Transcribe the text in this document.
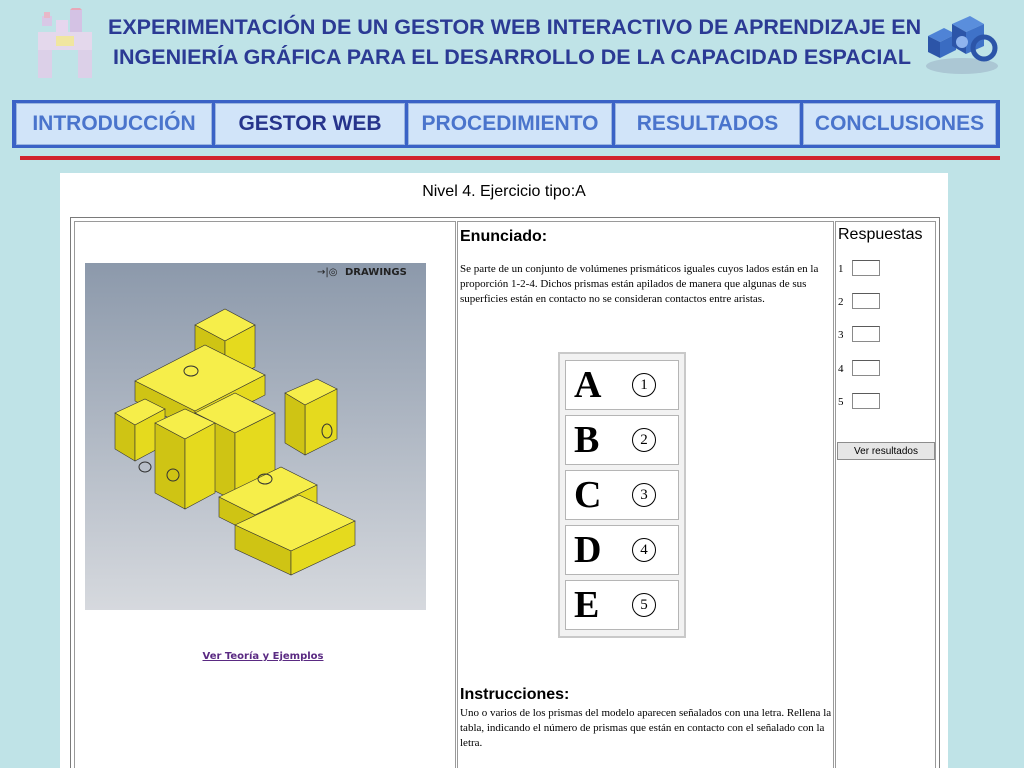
EXPERIMENTACIÓN DE UN GESTOR WEB INTERACTIVO DE APRENDIZAJE EN
INGENIERÍA GRÁFICA PARA EL DESARROLLO DE LA CAPACIDAD ESPACIAL
INTRODUCCIÓN	GESTOR WEB	PROCEDIMIENTO	RESULTADOS	CONCLUSIONES
Nivel 4. Ejercicio tipo:A
DRAWINGS
→|◎
Ver Teoría y Ejemplos
Enunciado:
Se parte de un conjunto de volúmenes prismáticos iguales cuyos lados están en la proporción 1-2-4. Dichos prismas están apilados de manera que algunas de sus superficies están en contacto no se consideran contactos entre aristas.
A	1
B	2
C	3
D	4
E	5
Instrucciones:
Uno o varios de los prismas del modelo aparecen señalados con una letra. Rellena la tabla, indicando el número de prismas que están en contacto con el señalado con la letra.
Respuestas
1
2
3
4
5
Ver resultados
